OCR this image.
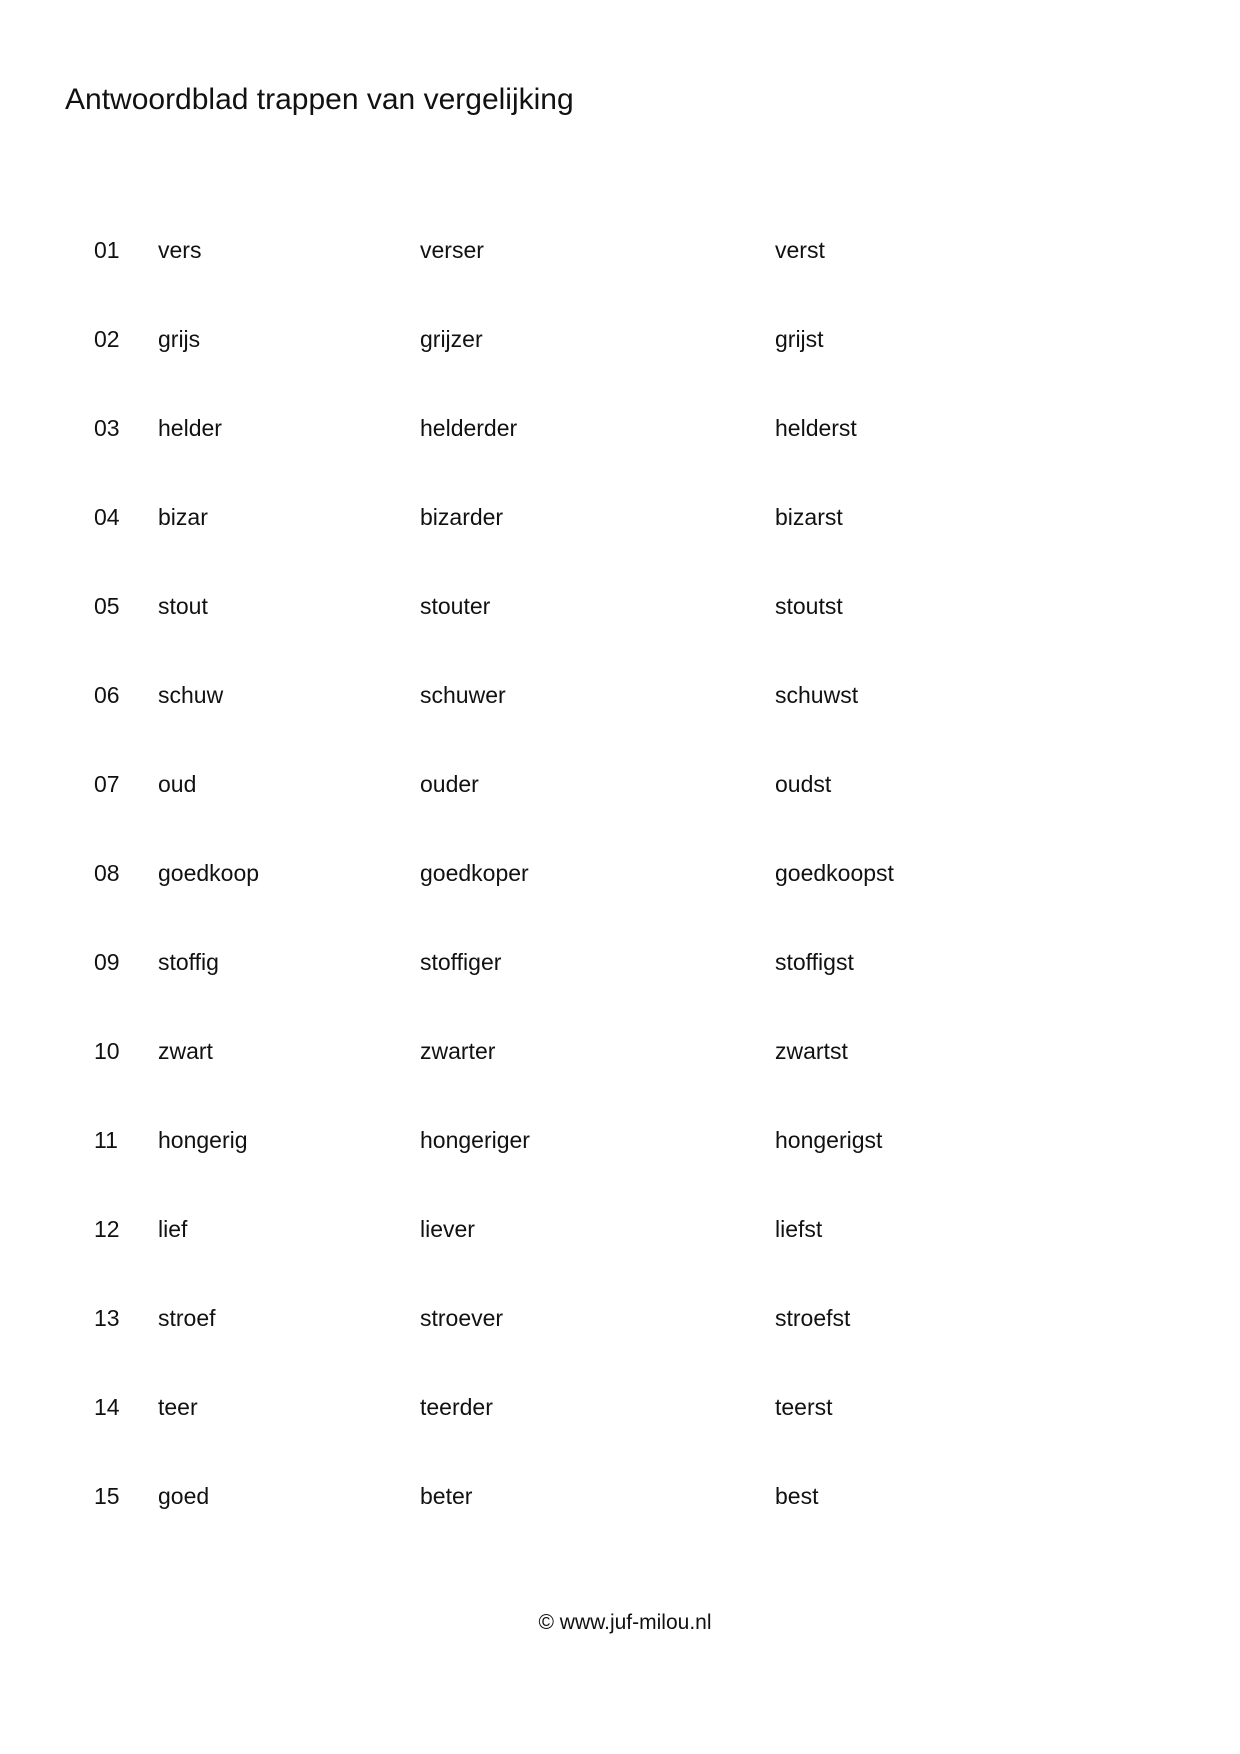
Antwoordblad trappen van vergelijking
01 vers	verser	verst
02 grijs	grijzer	grijst
03 helder	helderder	helderst
04 bizar	bizarder	bizarst
05 stout	stouter	stoutst
06 schuw	schuwer	schuwst
07 oud	ouder	oudst
08 goedkoop	goedkoper	goedkoopst
09 stoffig	stoffiger	stoffigst
10 zwart	zwarter	zwartst
11 hongerig	hongeriger	hongerigst
12 lief	liever	liefst
13 stroef	stroever	stroefst
14 teer	teerder	teerst
15 goed	beter	best
© www.juf-milou.nl
